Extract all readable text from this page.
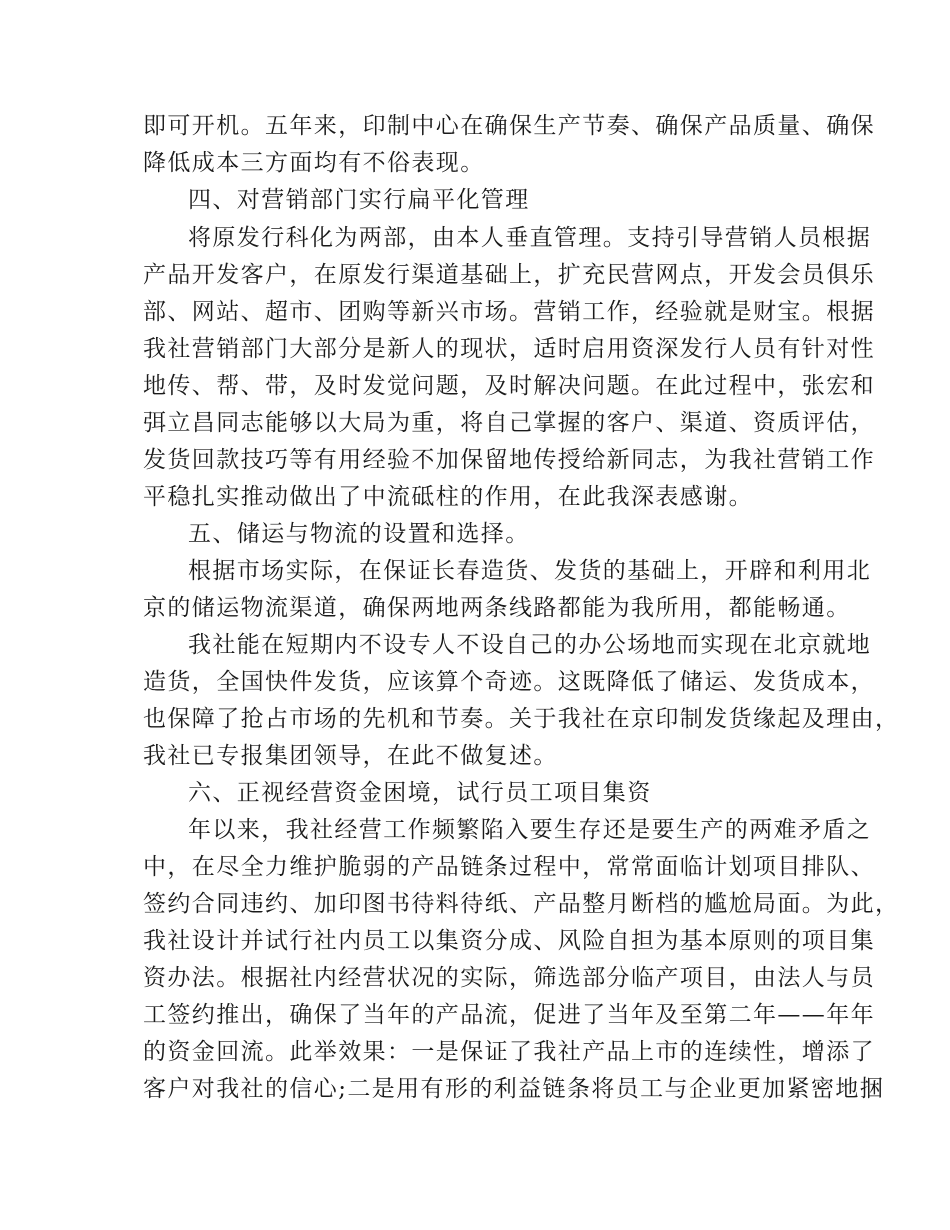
即可开机。五年来，印制中心在确保生产节奏、确保产品质量、确保
降低成本三方面均有不俗表现。
四、对营销部门实行扁平化管理
将原发行科化为两部，由本人垂直管理。支持引导营销人员根据
产品开发客户，在原发行渠道基础上，扩充民营网点，开发会员俱乐
部、网站、超市、团购等新兴市场。营销工作，经验就是财宝。根据
我社营销部门大部分是新人的现状，适时启用资深发行人员有针对性
地传、帮、带，及时发觉问题，及时解决问题。在此过程中，张宏和
弭立昌同志能够以大局为重，将自己掌握的客户、渠道、资质评估，
发货回款技巧等有用经验不加保留地传授给新同志，为我社营销工作
平稳扎实推动做出了中流砥柱的作用，在此我深表感谢。
五、储运与物流的设置和选择。
根据市场实际，在保证长春造货、发货的基础上，开辟和利用北
京的储运物流渠道，确保两地两条线路都能为我所用，都能畅通。
我社能在短期内不设专人不设自己的办公场地而实现在北京就地
造货，全国快件发货，应该算个奇迹。这既降低了储运、发货成本，
也保障了抢占市场的先机和节奏。关于我社在京印制发货缘起及理由，
我社已专报集团领导，在此不做复述。
六、正视经营资金困境，试行员工项目集资
年以来，我社经营工作频繁陷入要生存还是要生产的两难矛盾之
中，在尽全力维护脆弱的产品链条过程中，常常面临计划项目排队、
签约合同违约、加印图书待料待纸、产品整月断档的尴尬局面。为此，
我社设计并试行社内员工以集资分成、风险自担为基本原则的项目集
资办法。根据社内经营状况的实际，筛选部分临产项目，由法人与员
工签约推出，确保了当年的产品流，促进了当年及至第二年——年年
的资金回流。此举效果：一是保证了我社产品上市的连续性，增添了
客户对我社的信心;二是用有形的利益链条将员工与企业更加紧密地捆
